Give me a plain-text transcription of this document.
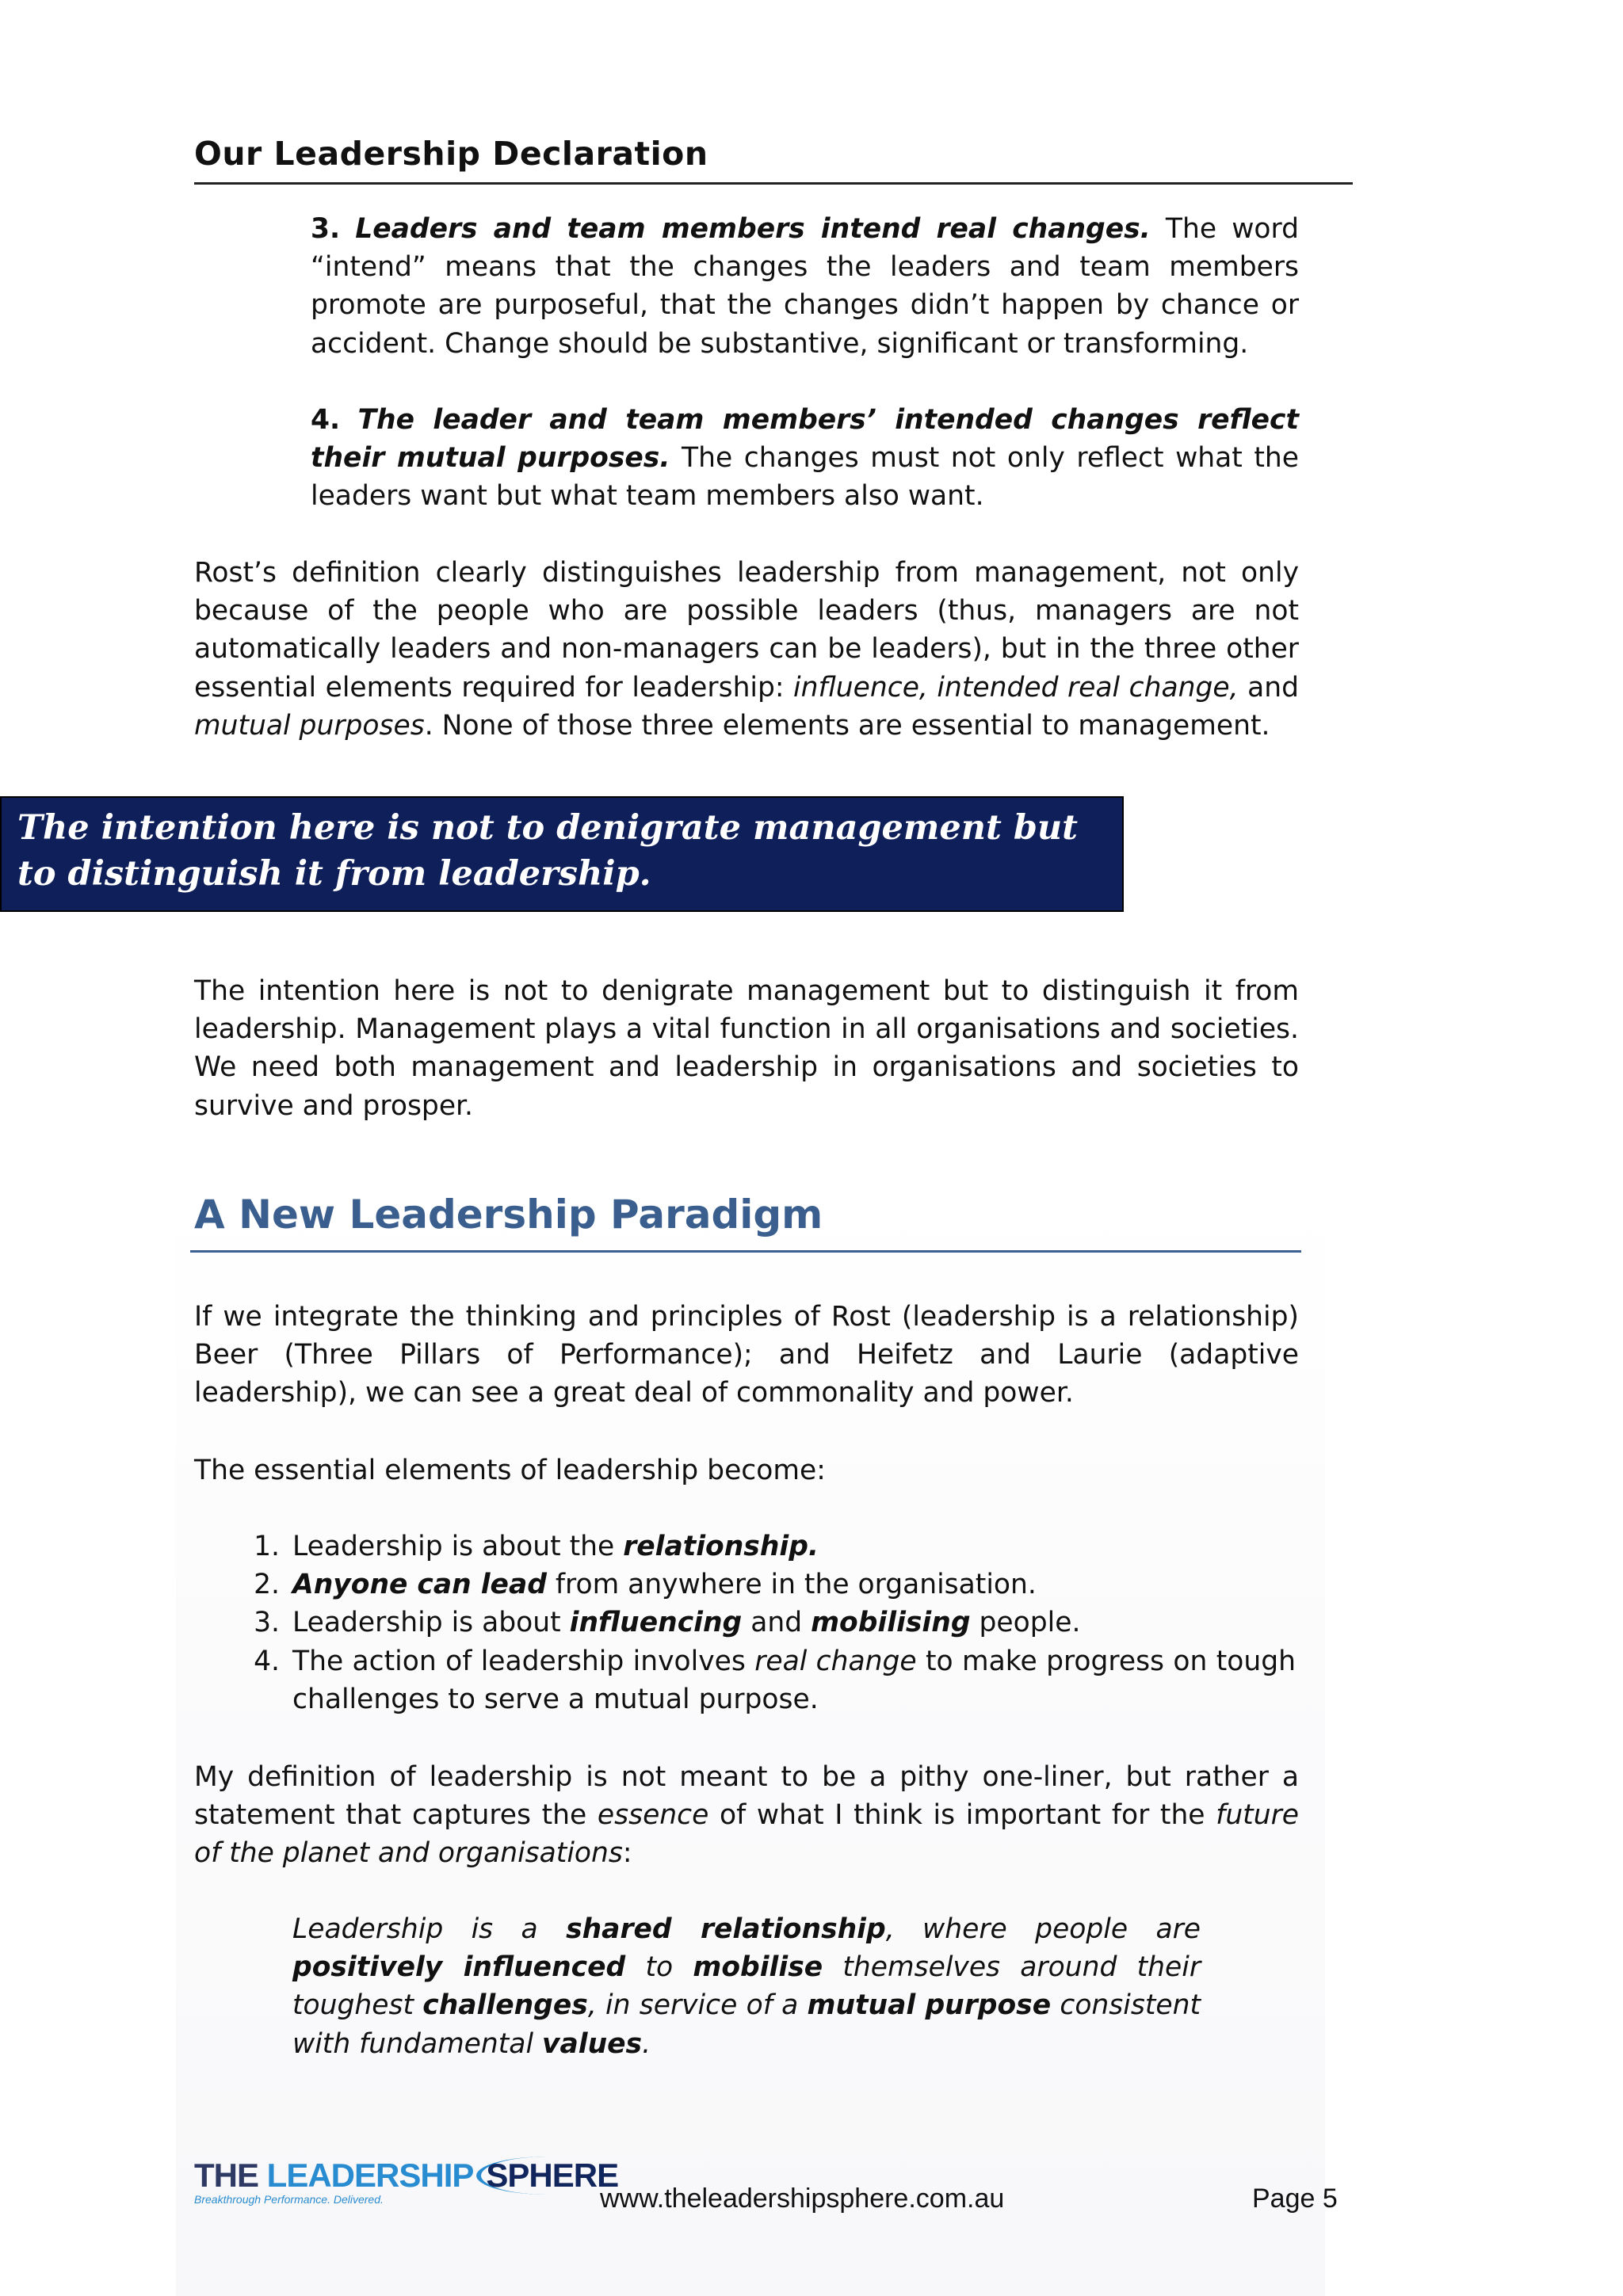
Our Leadership Declaration
3. Leaders and team members intend real changes. The word “intend” means that the changes the leaders and team members promote are purposeful, that the changes didn’t happen by chance or accident. Change should be substantive, significant or transforming.
4. The leader and team members’ intended changes reflect their mutual purposes. The changes must not only reflect what the leaders want but what team members also want.
Rost’s definition clearly distinguishes leadership from management, not only because of the people who are possible leaders (thus, managers are not automatically leaders and non-managers can be leaders), but in the three other essential elements required for leadership: influence, intended real change, and mutual purposes. None of those three elements are essential to management.
The intention here is not to denigrate management but to distinguish it from leadership.
The intention here is not to denigrate management but to distinguish it from leadership. Management plays a vital function in all organisations and societies. We need both management and leadership in organisations and societies to survive and prosper.
A New Leadership Paradigm
If we integrate the thinking and principles of Rost (leadership is a relationship) Beer (Three Pillars of Performance); and Heifetz and Laurie (adaptive leadership), we can see a great deal of commonality and power.
The essential elements of leadership become:
1. Leadership is about the relationship.
2. Anyone can lead from anywhere in the organisation.
3. Leadership is about influencing and mobilising people.
4. The action of leadership involves real change to make progress on tough challenges to serve a mutual purpose.
My definition of leadership is not meant to be a pithy one-liner, but rather a statement that captures the essence of what I think is important for the future of the planet and organisations:
Leadership is a shared relationship, where people are positively influenced to mobilise themselves around their toughest challenges, in service of a mutual purpose consistent with fundamental values.
THE LEADERSHIP SPHERE
Breakthrough Performance. Delivered.	www.theleadershipsphere.com.au	Page 5
